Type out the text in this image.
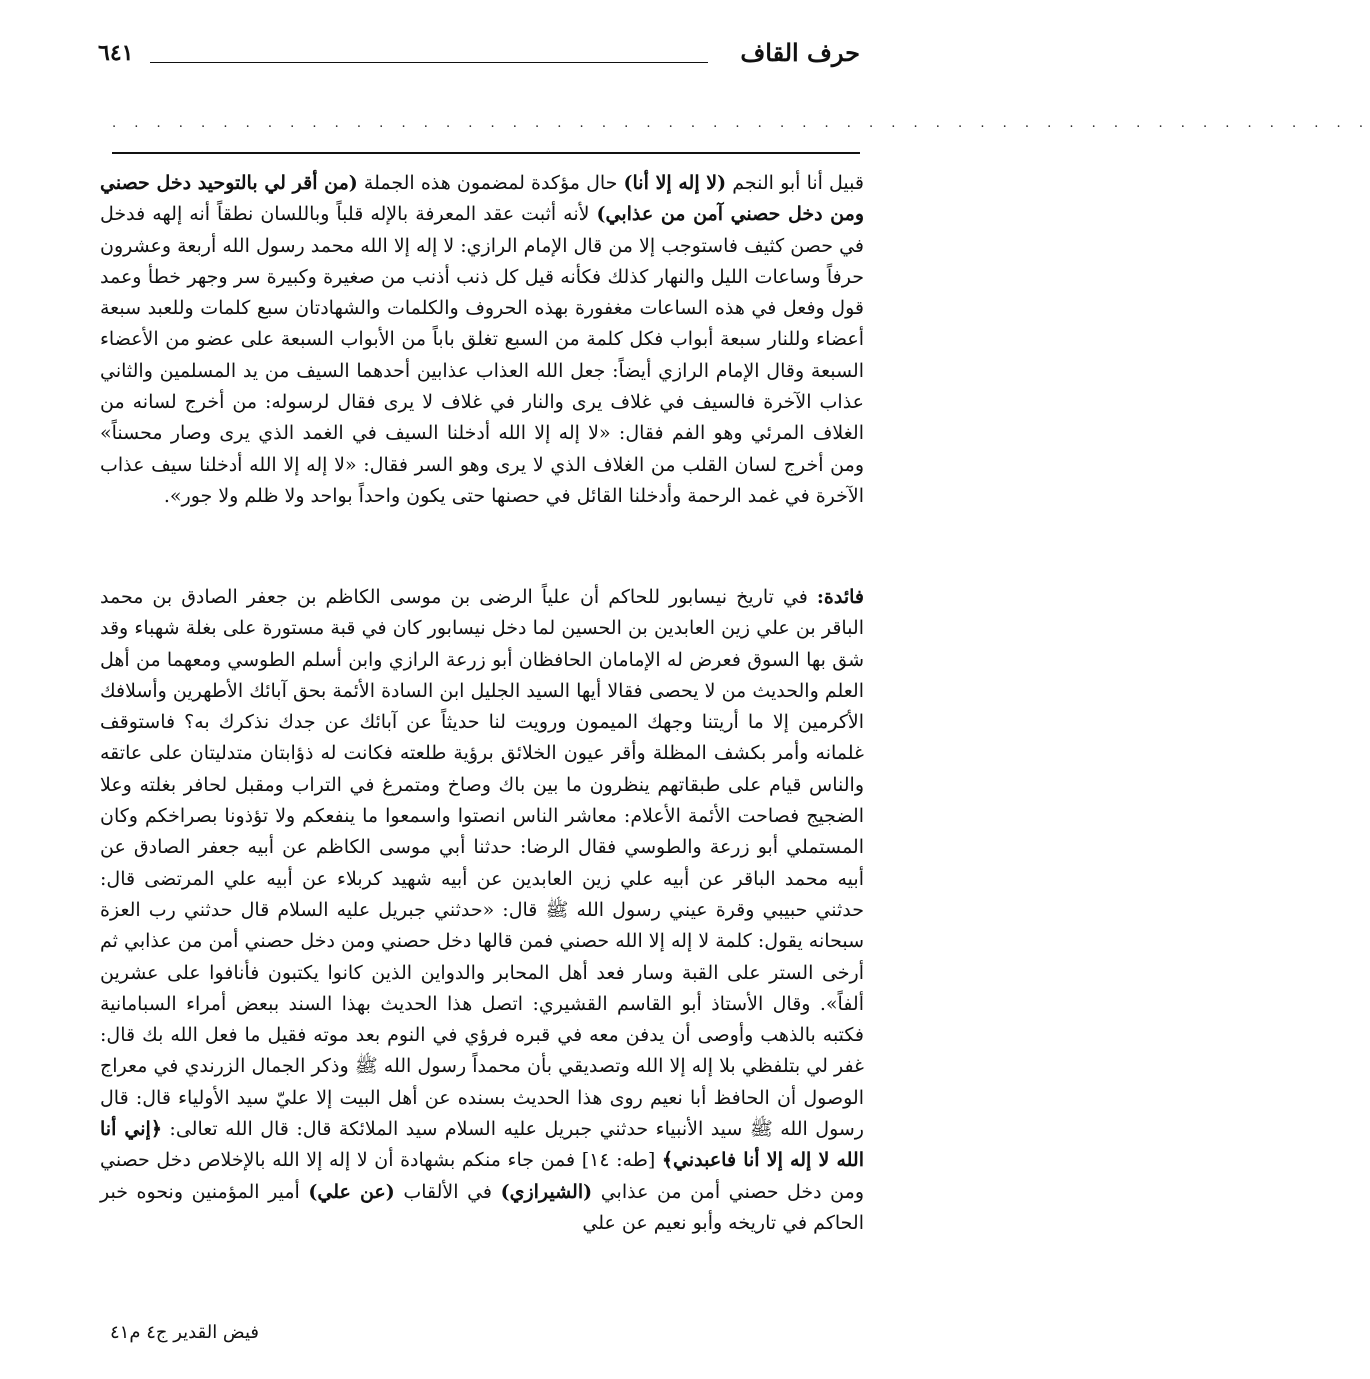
حرف القاف
٦٤١
. . . . . . . . . . . . . . . . . . . . . . . . . . . . . . . . . . . . . . . . . . . . . . . . . . . . . . . . .

قبيل أنا أبو النجم (لا إله إلا أنا) حال مؤكدة لمضمون هذه الجملة (من أقر لي بالتوحيد دخل حصني ومن دخل حصني آمن من عذابي) لأنه أثبت عقد المعرفة بالإله قلباً وباللسان نطقاً أنه إلهه فدخل في حصن كثيف فاستوجب إلا من قال الإمام الرازي: لا إله إلا الله محمد رسول الله أربعة وعشرون حرفاً وساعات الليل والنهار كذلك فكأنه قيل كل ذنب أذنب من صغيرة وكبيرة سر وجهر خطأ وعمد قول وفعل في هذه الساعات مغفورة بهذه الحروف والكلمات والشهادتان سبع كلمات وللعبد سبعة أعضاء وللنار سبعة أبواب فكل كلمة من السبع تغلق باباً من الأبواب السبعة على عضو من الأعضاء السبعة وقال الإمام الرازي أيضاً: جعل الله العذاب عذابين أحدهما السيف من يد المسلمين والثاني عذاب الآخرة فالسيف في غلاف يرى والنار في غلاف لا يرى فقال لرسوله: من أخرج لسانه من الغلاف المرئي وهو الفم فقال: «لا إله إلا الله أدخلنا السيف في الغمد الذي يرى وصار محسناً» ومن أخرج لسان القلب من الغلاف الذي لا يرى وهو السر فقال: «لا إله إلا الله أدخلنا سيف عذاب الآخرة في غمد الرحمة وأدخلنا القائل في حصنها حتى يكون واحداً بواحد ولا ظلم ولا جور».

فائدة: في تاريخ نيسابور للحاكم أن علياً الرضى بن موسى الكاظم بن جعفر الصادق بن محمد الباقر بن علي زين العابدين بن الحسين لما دخل نيسابور كان في قبة مستورة على بغلة شهباء وقد شق بها السوق فعرض له الإمامان الحافظان أبو زرعة الرازي وابن أسلم الطوسي ومعهما من أهل العلم والحديث من لا يحصى فقالا أيها السيد الجليل ابن السادة الأئمة بحق آبائك الأطهرين وأسلافك الأكرمين إلا ما أريتنا وجهك الميمون ورويت لنا حديثاً عن آبائك عن جدك نذكرك به؟ فاستوقف غلمانه وأمر بكشف المظلة وأقر عيون الخلائق برؤية طلعته فكانت له ذؤابتان متدليتان على عاتقه والناس قيام على طبقاتهم ينظرون ما بين باك وصاخ ومتمرغ في التراب ومقبل لحافر بغلته وعلا الضجيج فصاحت الأئمة الأعلام: معاشر الناس انصتوا واسمعوا ما ينفعكم ولا تؤذونا بصراخكم وكان المستملي أبو زرعة والطوسي فقال الرضا: حدثنا أبي موسى الكاظم عن أبيه جعفر الصادق عن أبيه محمد الباقر عن أبيه علي زين العابدين عن أبيه شهيد كربلاء عن أبيه علي المرتضى قال: حدثني حبيبي وقرة عيني رسول الله ﷺ قال: «حدثني جبريل عليه السلام قال حدثني رب العزة سبحانه يقول: كلمة لا إله إلا الله حصني فمن قالها دخل حصني ومن دخل حصني أمن من عذابي ثم أرخى الستر على القبة وسار فعد أهل المحابر والدواين الذين كانوا يكتبون فأنافوا على عشرين ألفاً». وقال الأستاذ أبو القاسم القشيري: اتصل هذا الحديث بهذا السند ببعض أمراء السبامانية فكتبه بالذهب وأوصى أن يدفن معه في قبره فرؤي في النوم بعد موته فقيل ما فعل الله بك قال: غفر لي بتلفظي بلا إله إلا الله وتصديقي بأن محمداً رسول الله ﷺ وذكر الجمال الزرندي في معراج الوصول أن الحافظ أبا نعيم روى هذا الحديث بسنده عن أهل البيت إلا عليّ سيد الأولياء قال: قال رسول الله ﷺ سيد الأنبياء حدثني جبريل عليه السلام سيد الملائكة قال: قال الله تعالى: ﴿إني أنا الله لا إله إلا أنا فاعبدني﴾ [طه: ١٤] فمن جاء منكم بشهادة أن لا إله إلا الله بالإخلاص دخل حصني ومن دخل حصني أمن من عذابي (الشيرازي) في الألقاب (عن علي) أمير المؤمنين ونحوه خبر الحاكم في تاريخه وأبو نعيم عن علي

فيض القدير ج٤ م٤١
